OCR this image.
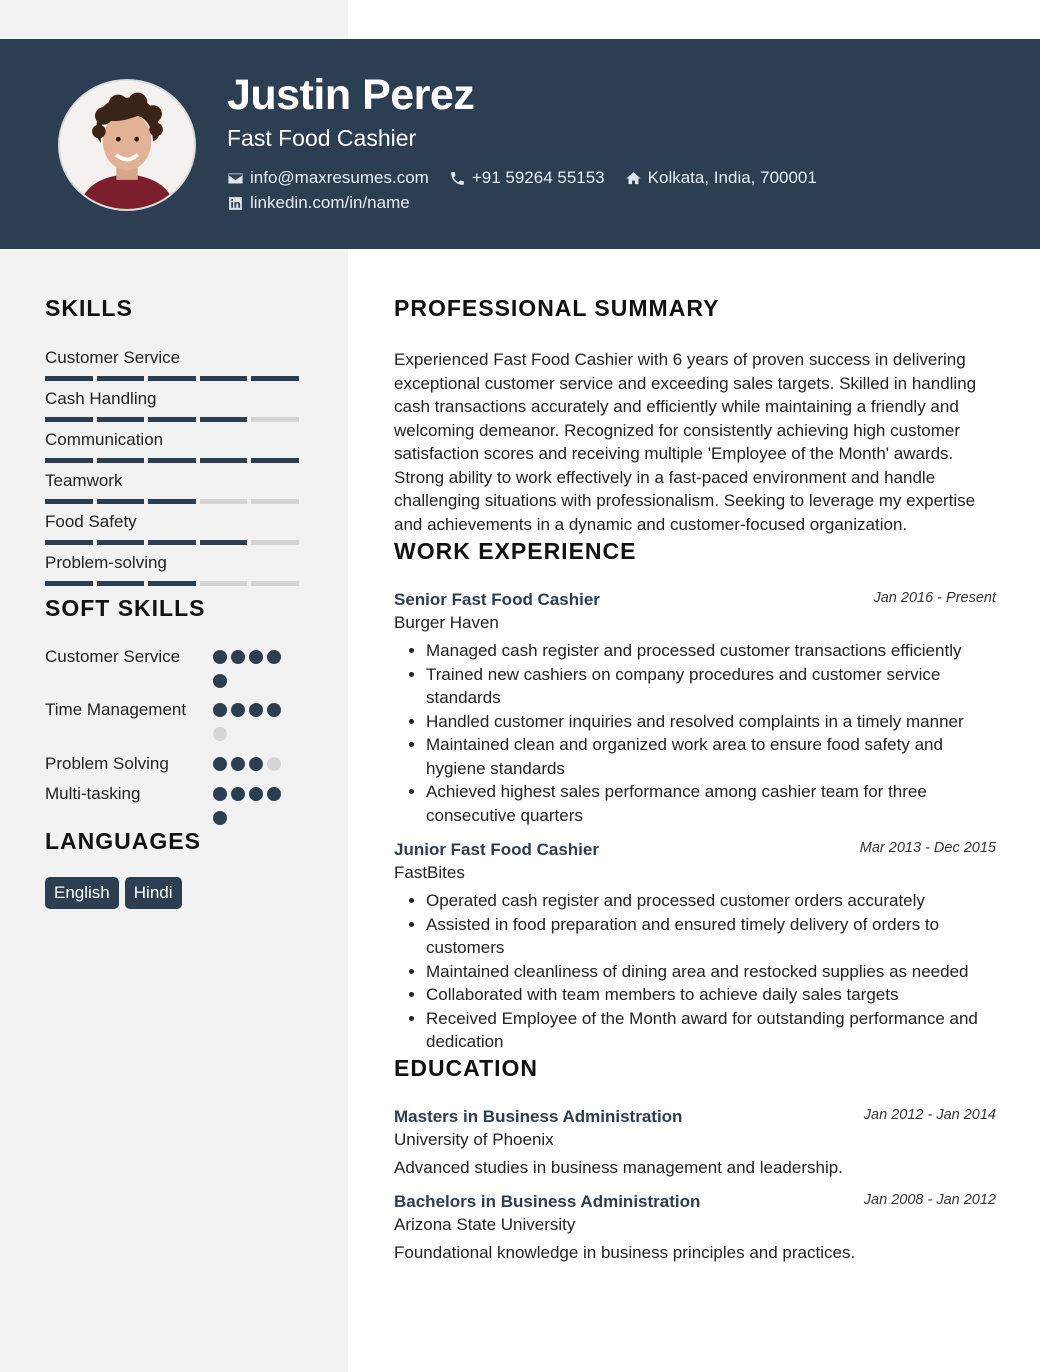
Justin Perez
Fast Food Cashier
info@maxresumes.com	+91 59264 55153	Kolkata, India, 700001
linkedin.com/in/name
SKILLS
Customer Service
Cash Handling
Communication
Teamwork
Food Safety
Problem-solving
SOFT SKILLS
Customer Service
Time Management
Problem Solving
Multi-tasking
LANGUAGES
English	Hindi
PROFESSIONAL SUMMARY
Experienced Fast Food Cashier with 6 years of proven success in delivering exceptional customer service and exceeding sales targets. Skilled in handling cash transactions accurately and efficiently while maintaining a friendly and welcoming demeanor. Recognized for consistently achieving high customer satisfaction scores and receiving multiple 'Employee of the Month' awards. Strong ability to work effectively in a fast-paced environment and handle challenging situations with professionalism. Seeking to leverage my expertise and achievements in a dynamic and customer-focused organization.
WORK EXPERIENCE
Senior Fast Food Cashier	Jan 2016 - Present
Burger Haven
• Managed cash register and processed customer transactions efficiently
• Trained new cashiers on company procedures and customer service standards
• Handled customer inquiries and resolved complaints in a timely manner
• Maintained clean and organized work area to ensure food safety and hygiene standards
• Achieved highest sales performance among cashier team for three consecutive quarters
Junior Fast Food Cashier	Mar 2013 - Dec 2015
FastBites
• Operated cash register and processed customer orders accurately
• Assisted in food preparation and ensured timely delivery of orders to customers
• Maintained cleanliness of dining area and restocked supplies as needed
• Collaborated with team members to achieve daily sales targets
• Received Employee of the Month award for outstanding performance and dedication
EDUCATION
Masters in Business Administration	Jan 2012 - Jan 2014
University of Phoenix
Advanced studies in business management and leadership.
Bachelors in Business Administration	Jan 2008 - Jan 2012
Arizona State University
Foundational knowledge in business principles and practices.
